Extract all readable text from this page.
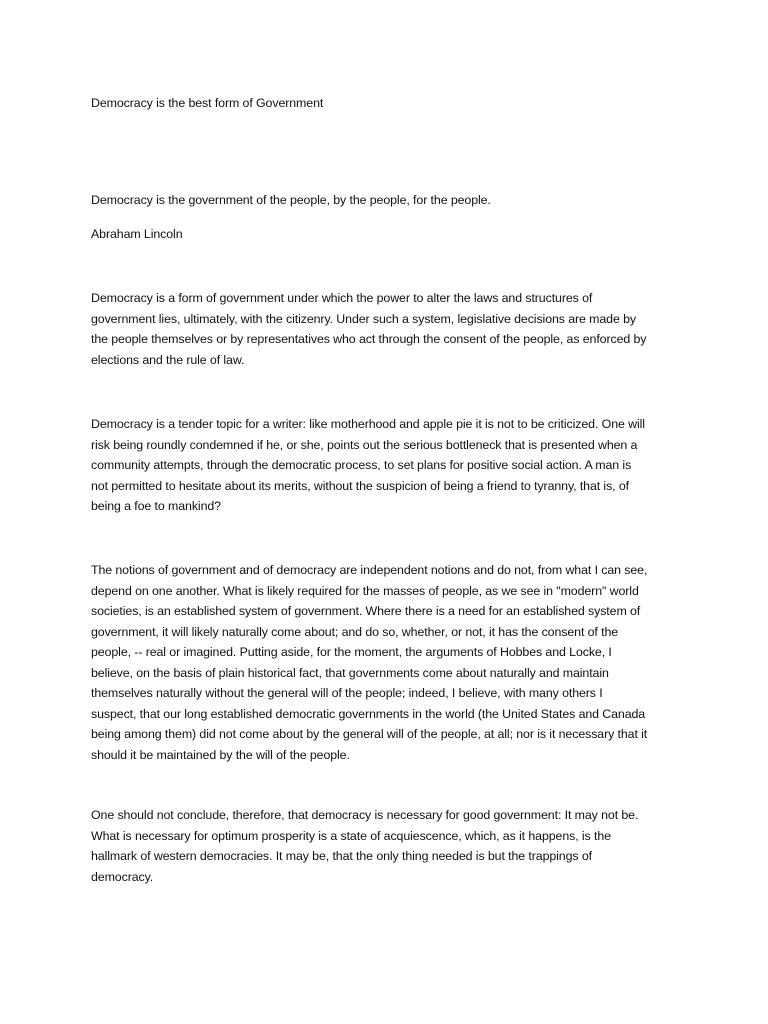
Democracy is the best form of Government

Democracy is the government of the people, by the people, for the people.

Abraham Lincoln

Democracy is a form of government under which the power to alter the laws and structures of
government lies, ultimately, with the citizenry. Under such a system, legislative decisions are made by
the people themselves or by representatives who act through the consent of the people, as enforced by
elections and the rule of law.
Democracy is a tender topic for a writer: like motherhood and apple pie it is not to be criticized. One will
risk being roundly condemned if he, or she, points out the serious bottleneck that is presented when a
community attempts, through the democratic process, to set plans for positive social action. A man is
not permitted to hesitate about its merits, without the suspicion of being a friend to tyranny, that is, of
being a foe to mankind?
The notions of government and of democracy are independent notions and do not, from what I can see,
depend on one another. What is likely required for the masses of people, as we see in "modern" world
societies, is an established system of government. Where there is a need for an established system of
government, it will likely naturally come about; and do so, whether, or not, it has the consent of the
people, -- real or imagined. Putting aside, for the moment, the arguments of Hobbes and Locke, I
believe, on the basis of plain historical fact, that governments come about naturally and maintain
themselves naturally without the general will of the people; indeed, I believe, with many others I
suspect, that our long established democratic governments in the world (the United States and Canada
being among them) did not come about by the general will of the people, at all; nor is it necessary that it
should it be maintained by the will of the people.
One should not conclude, therefore, that democracy is necessary for good government: It may not be.
What is necessary for optimum prosperity is a state of acquiescence, which, as it happens, is the
hallmark of western democracies. It may be, that the only thing needed is but the trappings of
democracy.
